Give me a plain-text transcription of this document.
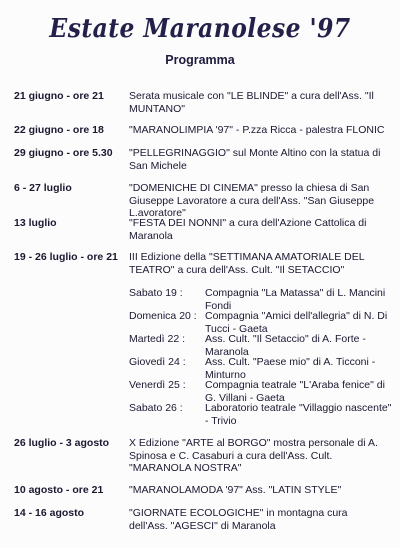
Estate Maranolese '97
Programma
21 giugno - ore 21	Serata musicale con "LE BLINDE" a cura dell'Ass. "Il MUNTANO"
22 giugno - ore 18	"MARANOLIMPIA '97" - P.zza Ricca - palestra FLONIC
29 giugno - ore 5.30	"PELLEGRINAGGIO" sul Monte Altino con la statua di San Michele
6 - 27 luglio	"DOMENICHE DI CINEMA" presso la chiesa di San Giuseppe Lavoratore a cura dell'Ass. "San Giuseppe L.avoratore"
13 luglio	"FESTA DEI NONNI" a cura dell'Azione Cattolica di Maranola
19 - 26 luglio - ore 21	III Edizione della "SETTIMANA AMATORIALE DEL TEATRO" a cura dell'Ass. Cult. "Il SETACCIO"
Sabato 19 :	Compagnia "La Matassa" di L. Mancini Fondi
Domenica 20 : Compagnia "Amici dell'allegria" di N. Di Tucci - Gaeta
Martedì 22 :	Ass. Cult. "Il Setaccio" di A. Forte - Maranola
Giovedì 24 :	Ass. Cult. "Paese mio" di A. Ticconi - Minturno
Venerdì 25 :	Compagnia teatrale "L'Araba fenice" di G. Villani - Gaeta
Sabato 26 :	Laboratorio teatrale "Villaggio nascente" - Trivio
26 luglio - 3 agosto	X Edizione "ARTE al BORGO" mostra personale di A. Spinosa e C. Casaburi a cura dell'Ass. Cult. "MARANOLA NOSTRA"
10 agosto - ore 21	"MARANOLAMODA '97" Ass. "LATIN STYLE"
14 - 16 agosto	"GIORNATE ECOLOGICHE" in montagna cura dell'Ass. "AGESCI" di Maranola
